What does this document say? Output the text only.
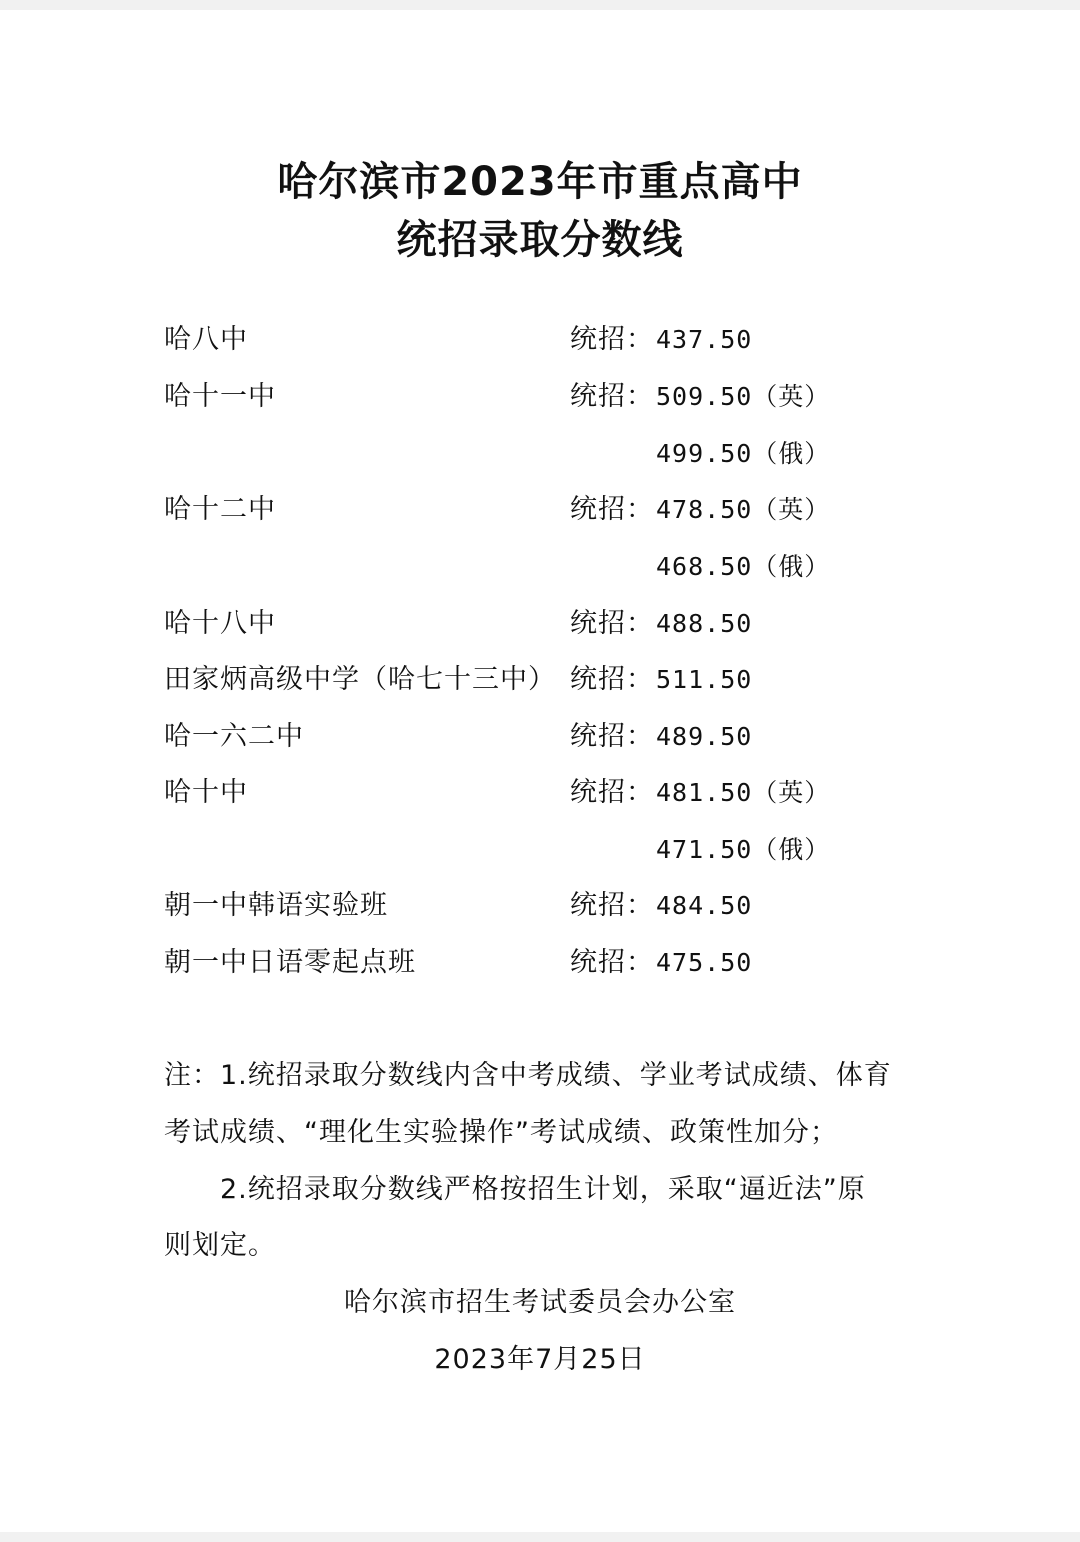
哈尔滨市2023年市重点高中
统招录取分数线
哈八中	统招： 437.50
哈十一中	统招： 509.50（英）
499.50（俄）
哈十二中	统招： 478.50（英）
468.50（俄）
哈十八中	统招： 488.50
田家炳高级中学（哈七十三中） 统招： 511.50
哈一六二中	统招： 489.50
哈十中	统招： 481.50（英）
471.50（俄）
朝一中韩语实验班	统招： 484.50
朝一中日语零起点班	统招： 475.50
注：1.统招录取分数线内含中考成绩、学业考试成绩、体育
考试成绩、“理化生实验操作”考试成绩、政策性加分；
　　2.统招录取分数线严格按招生计划，采取“逼近法”原
则划定。
哈尔滨市招生考试委员会办公室
2023年7月25日
